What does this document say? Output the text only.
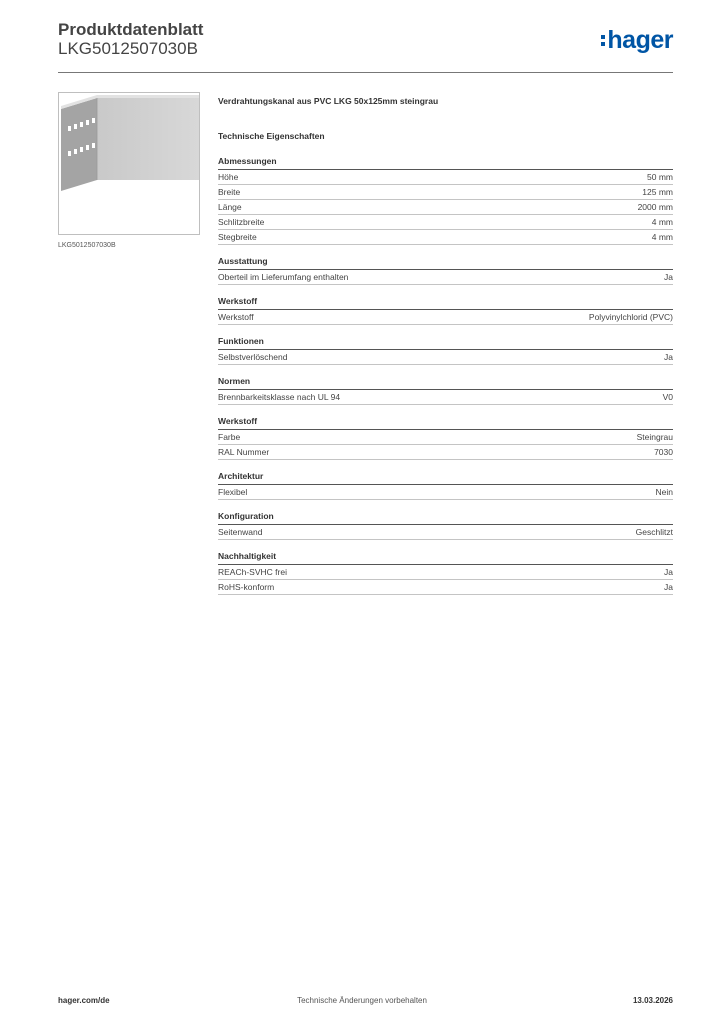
Produktdatenblatt
LKG5012507030B	hager
LKG5012507030B
Verdrahtungskanal aus PVC LKG 50x125mm steingrau
Technische Eigenschaften
Abmessungen
Höhe	50 mm
Breite	125 mm
Länge	2000 mm
Schlitzbreite	4 mm
Stegbreite	4 mm
Ausstattung
Oberteil im Lieferumfang enthalten	Ja
Werkstoff
Werkstoff	Polyvinylchlorid (PVC)
Funktionen
Selbstverlöschend	Ja
Normen
Brennbarkeitsklasse nach UL 94	V0
Werkstoff
Farbe	Steingrau
RAL Nummer	7030
Architektur
Flexibel	Nein
Konfiguration
Seitenwand	Geschlitzt
Nachhaltigkeit
REACh-SVHC frei	Ja
RoHS-konform	Ja
hager.com/de	Technische Änderungen vorbehalten	13.03.2026
